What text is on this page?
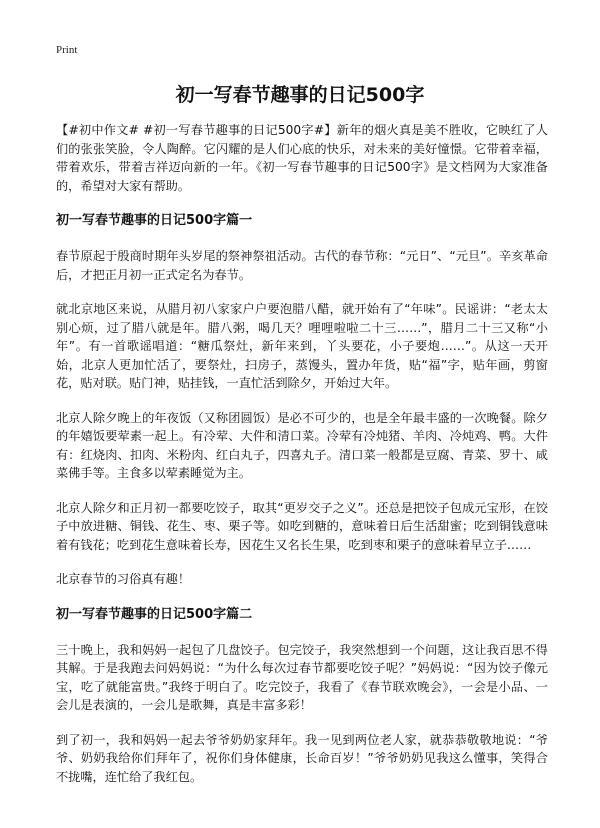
Print
初一写春节趣事的日记500字

【#初中作文# #初一写春节趣事的日记500字#】新年的烟火真是美不胜收，它映红了人们的张张笑脸，令人陶醉。它闪耀的是人们心底的快乐，对未来的美好憧憬。它带着幸福，带着欢乐，带着吉祥迈向新的一年。《初一写春节趣事的日记500字》是文档网为大家准备的，希望对大家有帮助。

初一写春节趣事的日记500字篇一

春节原起于殷商时期年头岁尾的祭神祭祖活动。古代的春节称：“元日”、“元旦”。辛亥革命后，才把正月初一正式定名为春节。

就北京地区来说，从腊月初八家家户户要泡腊八醋，就开始有了“年味”。民谣讲：“老太太别心烦，过了腊八就是年。腊八粥，喝几天？哩哩啦啦二十三……”，腊月二十三又称“小年”。有一首歌谣唱道：“糖瓜祭灶，新年来到，丫头要花，小子要炮……”。从这一天开始，北京人更加忙活了，要祭灶，扫房子，蒸馒头，置办年货，贴“福”字，贴年画，剪窗花，贴对联。贴门神，贴挂钱，一直忙活到除夕，开始过大年。

北京人除夕晚上的年夜饭（又称团圆饭）是必不可少的，也是全年最丰盛的一次晚餐。除夕的年嬉饭要荤素一起上。有冷荤、大件和清口菜。冷荤有冷炖猪、羊肉、冷炖鸡、鸭。大件有：红烧肉、扣肉、米粉肉、红白丸子，四喜丸子。清口菜一般都是豆腐、青菜、罗十、咸菜佛手等。主食多以荤素睡觉为主。

北京人除夕和正月初一都要吃饺子，取其“更岁交子之义”。还总是把饺子包成元宝形，在饺子中放进糖、铜钱、花生、枣、栗子等。如吃到糖的，意味着日后生活甜蜜；吃到铜钱意味着有钱花；吃到花生意味着长寿，因花生又名长生果，吃到枣和栗子的意味着早立子……

北京春节的习俗真有趣！

初一写春节趣事的日记500字篇二

三十晚上，我和妈妈一起包了几盘饺子。包完饺子，我突然想到一个问题，这让我百思不得其解。于是我跑去问妈妈说：“为什么每次过春节都要吃饺子呢？”妈妈说：“因为饺子像元宝，吃了就能富贵。”我终于明白了。吃完饺子，我看了《春节联欢晚会》，一会是小品、一会儿是表演的，一会儿是歌舞，真是丰富多彩！

到了初一，我和妈妈一起去爷爷奶奶家拜年。我一见到两位老人家，就恭恭敬敬地说：“爷爷、奶奶我给你们拜年了，祝你们身体健康，长命百岁！”爷爷奶奶见我这么懂事，笑得合不拢嘴，连忙给了我红包。
